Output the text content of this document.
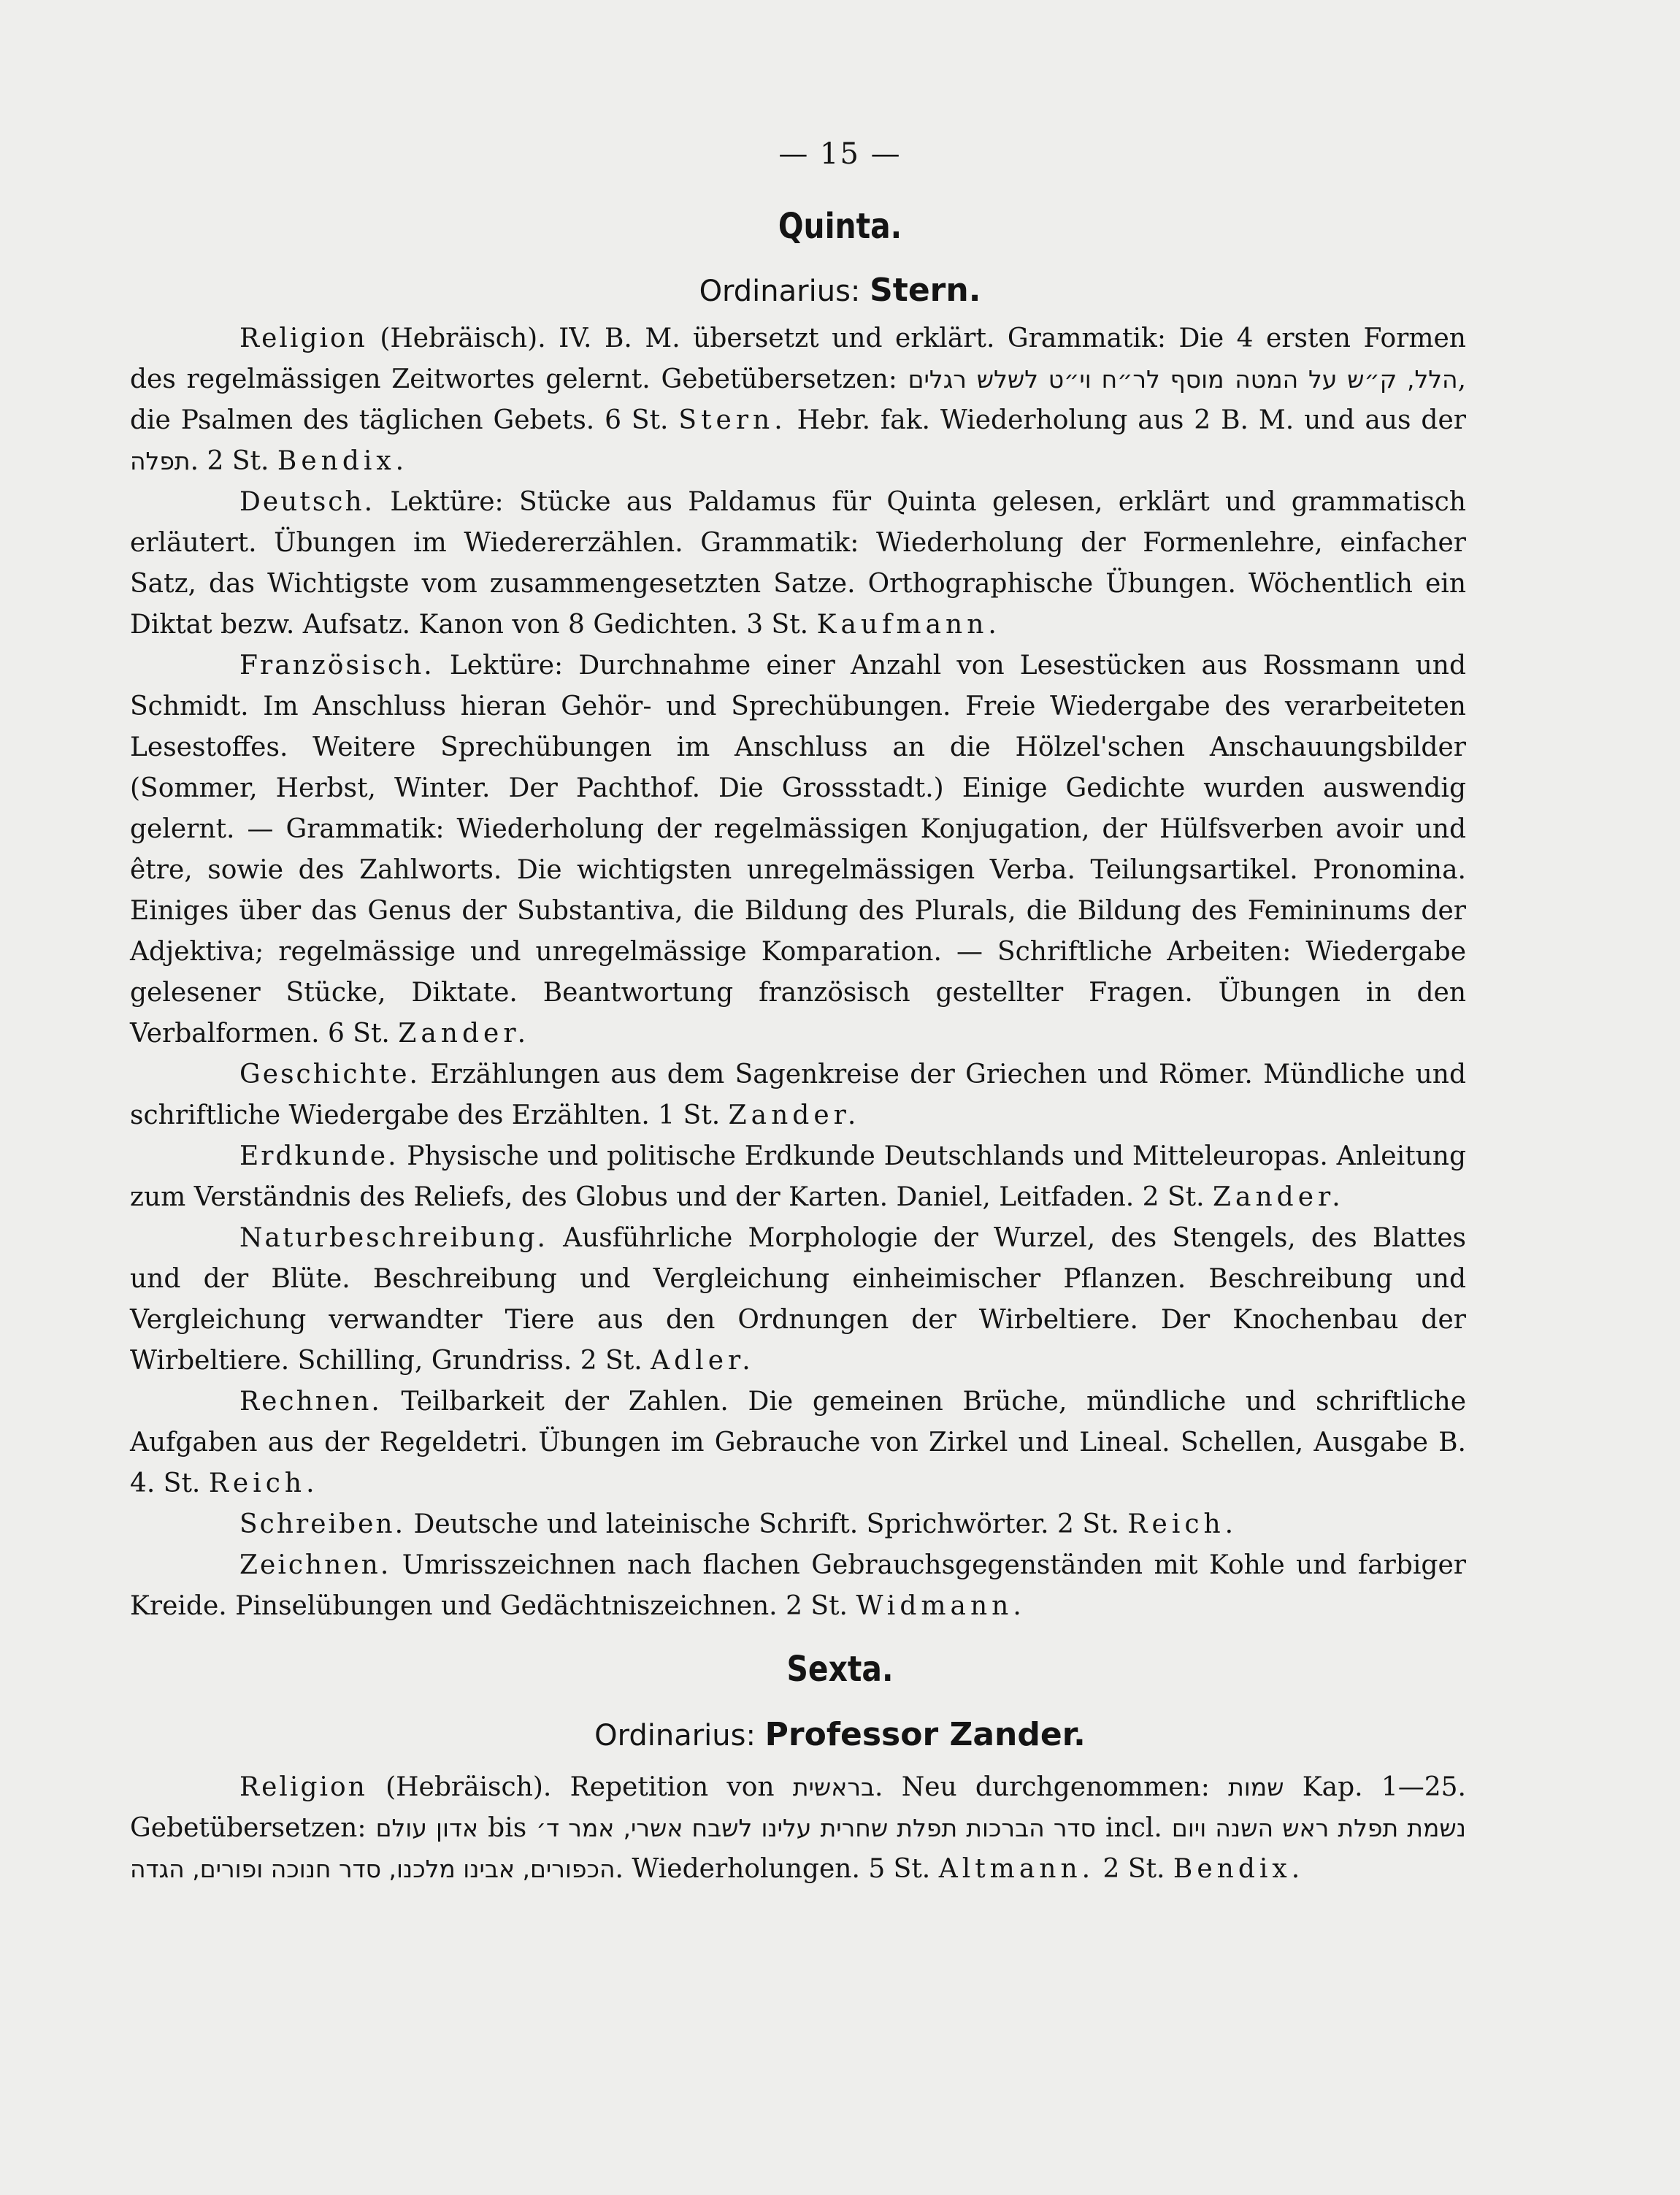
— 15 —
Quinta.
Ordinarius: Stern.

Religion (Hebräisch). IV. B. M. übersetzt und erklärt. Grammatik: Die 4 ersten Formen des regelmässigen Zeitwortes gelernt. Gebetübersetzen: מוסף לר״ח וי״ט לשלש רגלים הלל, ק״ש על המטה, die Psalmen des täglichen Gebets. 6 St. Stern. Hebr. fak. Wiederholung aus 2 B. M. und aus der תפלה. 2 St. Bendix.

Deutsch. Lektüre: Stücke aus Paldamus für Quinta gelesen, erklärt und grammatisch erläutert. Übungen im Wiedererzählen. Grammatik: Wiederholung der Formenlehre, einfacher Satz, das Wichtigste vom zusammengesetzten Satze. Orthographische Übungen. Wöchentlich ein Diktat bezw. Aufsatz. Kanon von 8 Gedichten. 3 St. Kaufmann.

Französisch. Lektüre: Durchnahme einer Anzahl von Lesestücken aus Rossmann und Schmidt. Im Anschluss hieran Gehör- und Sprechübungen. Freie Wiedergabe des verarbeiteten Lesestoffes. Weitere Sprechübungen im Anschluss an die Hölzel'schen Anschauungsbilder (Sommer, Herbst, Winter. Der Pachthof. Die Grossstadt.) Einige Gedichte wurden auswendig gelernt. — Grammatik: Wiederholung der regelmässigen Konjugation, der Hülfsverben avoir und être, sowie des Zahlworts. Die wichtigsten unregelmässigen Verba. Teilungsartikel. Pronomina. Einiges über das Genus der Substantiva, die Bildung des Plurals, die Bildung des Femininums der Adjektiva; regelmässige und unregelmässige Komparation. — Schriftliche Arbeiten: Wiedergabe gelesener Stücke, Diktate. Beantwortung französisch gestellter Fragen. Übungen in den Verbalformen. 6 St. Zander.

Geschichte. Erzählungen aus dem Sagenkreise der Griechen und Römer. Mündliche und schriftliche Wiedergabe des Erzählten. 1 St. Zander.

Erdkunde. Physische und politische Erdkunde Deutschlands und Mitteleuropas. Anleitung zum Verständnis des Reliefs, des Globus und der Karten. Daniel, Leitfaden. 2 St. Zander.

Naturbeschreibung. Ausführliche Morphologie der Wurzel, des Stengels, des Blattes und der Blüte. Beschreibung und Vergleichung einheimischer Pflanzen. Beschreibung und Vergleichung verwandter Tiere aus den Ordnungen der Wirbeltiere. Der Knochenbau der Wirbeltiere. Schilling, Grundriss. 2 St. Adler.

Rechnen. Teilbarkeit der Zahlen. Die gemeinen Brüche, mündliche und schriftliche Aufgaben aus der Regeldetri. Übungen im Gebrauche von Zirkel und Lineal. Schellen, Ausgabe B. 4. St. Reich.

Schreiben. Deutsche und lateinische Schrift. Sprichwörter. 2 St. Reich.

Zeichnen. Umrisszeichnen nach flachen Gebrauchsgegenständen mit Kohle und farbiger Kreide. Pinselübungen und Gedächtniszeichnen. 2 St. Widmann.

Sexta.
Ordinarius: Professor Zander.

Religion (Hebräisch). Repetition von בראשית. Neu durchgenommen: שמות Kap. 1—25. Gebetübersetzen: אדון עולם bis סדר הברכות תפלת שחרית עלינו לשבח אשרי, אמר ד׳ incl. נשמת תפלת ראש השנה ויום הכפורים, אבינו מלכנו, סדר חנוכה ופורים, הגדה. Wiederholungen. 5 St. Altmann. 2 St. Bendix.
